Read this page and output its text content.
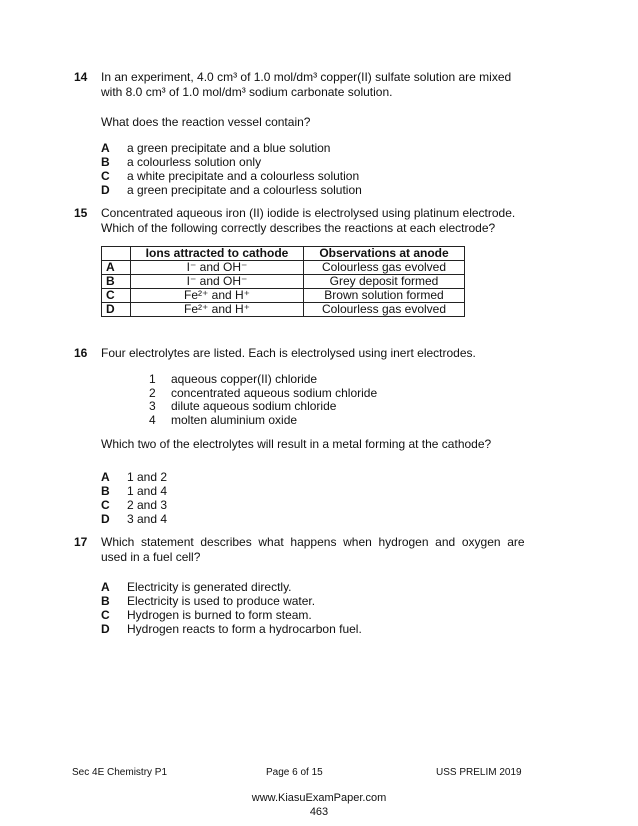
14 In an experiment, 4.0 cm³ of 1.0 mol/dm³ copper(II) sulfate solution are mixed
with 8.0 cm³ of 1.0 mol/dm³ sodium carbonate solution.
What does the reaction vessel contain?
A a green precipitate and a blue solution
B a colourless solution only
C a white precipitate and a colourless solution
D a green precipitate and a colourless solution
15 Concentrated aqueous iron (II) iodide is electrolysed using platinum electrode.
Which of the following correctly describes the reactions at each electrode?
	Ions attracted to cathode	Observations at anode
A	I⁻ and OH⁻	Colourless gas evolved
B	I⁻ and OH⁻	Grey deposit formed
C	Fe²⁺ and H⁺	Brown solution formed
D	Fe²⁺ and H⁺	Colourless gas evolved
16 Four electrolytes are listed. Each is electrolysed using inert electrodes.
1 aqueous copper(II) chloride
2 concentrated aqueous sodium chloride
3 dilute aqueous sodium chloride
4 molten aluminium oxide
Which two of the electrolytes will result in a metal forming at the cathode?
A 1 and 2
B 1 and 4
C 2 and 3
D 3 and 4
17 Which  statement  describes  what  happens  when  hydrogen  and  oxygen  are
used in a fuel cell?
A Electricity is generated directly.
B Electricity is used to produce water.
C Hydrogen is burned to form steam.
D Hydrogen reacts to form a hydrocarbon fuel.
Sec 4E Chemistry P1	Page 6 of 15	USS PRELIM 2019
www.KiasuExamPaper.com
463
